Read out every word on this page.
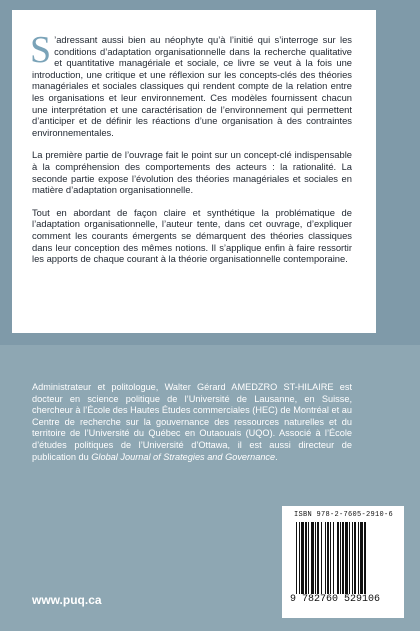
S ’adressant aussi bien au néophyte qu’à l’initié qui s’interroge sur les conditions d’adaptation organisationnelle dans la recherche qualitative et quantitative managériale et sociale, ce livre se veut à la fois une introduction, une critique et une réflexion sur les concepts-clés des théories managériales et sociales classiques qui rendent compte de la relation entre les organisations et leur environnement. Ces modèles fournissent chacun une interprétation et une caractérisation de l’environnement qui permettent d’anticiper et de définir les réactions d’une organisation à des contraintes environnementales.

La première partie de l’ouvrage fait le point sur un concept-clé indispensable à la compréhension des comportements des acteurs : la rationalité. La seconde partie expose l’évolution des théories managériales et sociales en matière d’adaptation organisationnelle.

Tout en abordant de façon claire et synthétique la problématique de l’adaptation organisationnelle, l’auteur tente, dans cet ouvrage, d’expliquer comment les courants émergents se démarquent des théories classiques dans leur conception des mêmes notions. Il s’applique enfin à faire ressortir les apports de chaque courant à la théorie organisationnelle contemporaine.

Administrateur et politologue, Walter Gérard AMEDZRO ST-HILAIRE est docteur en science politique de l’Université de Lausanne, en Suisse, chercheur à l’École des Hautes Études commerciales (HEC) de Montréal et au Centre de recherche sur la gouvernance des ressources naturelles et du territoire de l’Université du Québec en Outaouais (UQO). Associé à l’École d’études politiques de l’Université d’Ottawa, il est aussi directeur de publication du Global Journal of Strategies and Governance.
ISBN 978-2-7605-2910-6
9 782760 529106
www.puq.ca
